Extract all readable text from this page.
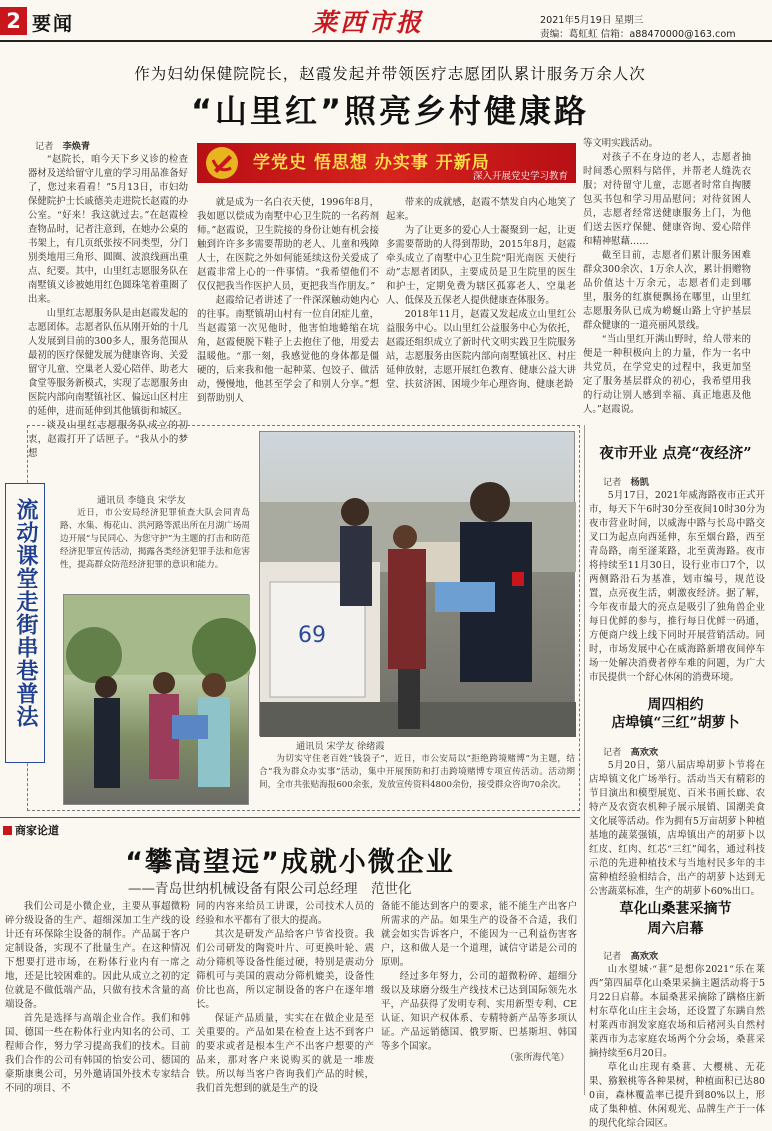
2 要闻	莱西市报	2021年5月19日 星期三
责编：葛虹虹 信箱：a88470000@163.com
作为妇幼保健院院长，赵霞发起并带领医疗志愿团队累计服务万余人次
“山里红”照亮乡村健康路
记者　 李焕青

“赵院长，咱今天下乡义诊的检查器材及送给留守儿童的学习用品准备好了，您过来看看！”5月13日，市妇幼保健院护士长戚德美走进院长赵霞的办公室。“好来！我这就过去。”在赵霞检查物品时，记者注意到，在她办公桌的书架上，有几页纸张按不同类型，分门别类地用三角形、圆圈、波浪线画出重点、纪要。其中，山里红志愿服务队在南墅镇义诊被她用红色圆珠笔着重圈了出来。

山里红志愿服务队是由赵霞发起的志愿团体。志愿者队伍从刚开始的十几人发展到目前的300多人，服务范围从最初的医疗保健发展为健康咨询、关爱留守儿童、空巢老人爱心陪伴、助老大食堂等服务新模式，实现了志愿服务由医院内部向南墅镇社区、偏远山区村庄的延伸，进而延伸到其他镇街和城区。

谈及山里红志愿服务队成立的初衷，赵霞打开了话匣子。“我从小的梦想

学党史 悟思想 办实事 开新局
深入开展党史学习教育

就是成为一名白衣天使，1996年8月，我如愿以偿成为南墅中心卫生院的一名药剂师。”赵霞说，卫生院接的身份让她有机会接触到许许多多需要帮助的老人、儿童和残障人士，在医院之外如何能延续这份关爱成了赵霞非常上心的一件事情。“我希望他们不仅仅把我当作医护人员，更把我当作朋友。”

赵霞给记者讲述了一件深深触动她内心的往事。南墅镇胡山村有一位自闭症儿童，当赵霞第一次见他时，他害怕地蜷缩在坑角，赵霞便脱下鞋子上去抱住了他，用爱去温暖他。“那一刻，我感觉他的身体都是僵硬的，后来我和他一起种菜、包饺子、做活动，慢慢地，他甚至学会了和别人分享。”想到帮助别人

带来的成就感，赵霞不禁发自内心地笑了起来。

为了让更多的爱心人士凝聚到一起，让更多需要帮助的人得到帮助，2015年8月，赵霞牵头成立了南墅中心卫生院“阳光南医 天使行动”志愿者团队，主要成员是卫生院里的医生和护士，定期免费为辖区孤寡老人、空巢老人、低保及五保老人提供健康查体服务。

2018年11月，赵霞又发起成立山里红公益服务中心。以山里红公益服务中心为依托，赵霞还组织成立了新时代文明实践卫生院服务站，志愿服务由医院内部向南墅镇社区、村庄延伸放射，志愿开展红色教育、健康公益大讲堂、扶贫济困、困境少年心理咨询、健康老龄

等文明实践活动。

对孩子不在身边的老人，志愿者抽时间悉心照料与陪伴，并帮老人缝洗衣服；对待留守儿童，志愿者时常自掏腰包买书包和学习用品慰问；对待贫困人员，志愿者经常送健康服务上门，为他们送去医疗保健、健康咨询、爱心陪伴和精神慰藉……

截至目前，志愿者们累计服务困难群众300余次、1万余人次，累计捐赠物品价值达十万余元，志愿者们走到哪里，服务的红旗便飘扬在哪里，山里红志愿服务队已成为崂蜒山路上守护基层群众健康的一道亮丽风景线。

“当山里红开满山野时，给人带来的便是一种积极向上的力量，作为一名中共党员，在学党史的过程中，我更加坚定了服务基层群众的初心，我希望用我的行动让别人感到幸福、真正地惠及他人。”赵霞说。

流动课堂走街串巷普法	69
通讯员 李缝良 宋学友

近日，市公安局经济犯罪侦查大队会同青岛路、水集、梅花山、洪河路等派出所在月湖广场周边开展“与民同心、为您守护”为主题的打击和防范经济犯罪宣传活动，揭露各类经济犯罪手法和危害性，提高群众防范经济犯罪的意识和能力。

通讯员 宋学友 徐绪霞

为切实守住老百姓“钱袋子”，近日，市公安局以“拒绝跨境赌博”为主题，结合“我为群众办实事”活动，集中开展预防和打击跨境赌博专项宣传活动。活动期间，全市共张贴海报600余张，发放宣传资料4800余份，接受群众咨询70余次。

夜市开业 点亮“夜经济”
记者　 杨凯

5月17日，2021年威海路夜市正式开市，每天下午6时30分至夜间10时30分为夜市营业时间，以威海中路与长岛中路交叉口为起点向西延伸，东至烟台路，西至青岛路，南至滏莱路，北至黄海路。夜市将持续至11月30日，设行业市口7个，以两侧路沿石为基准，划市编号，规范设置，点亮夜生活，刺激夜经济。据了解，今年夜市最大的亮点是吸引了独角兽企业每日优鲜的参与，推行每日优鲜一码通，方便商户线上线下同时开展营销活动。同时，市场发展中心在威海路新增夜间停车场一处解决消费者停车难的问题，为广大市民提供一个舒心休闲的消费环境。

周四相约
店埠镇“三红”胡萝卜
记者　 高欢欢

5月20日，第八届店埠胡萝卜节将在店埠镇文化广场举行。活动当天有精彩的节目演出和模型展览、百米书画长廊、农特产及农资农机种子展示展销、国潮美食文化展等活动。作为拥有5万亩胡萝卜种植基地的蔬菜强镇，店埠镇出产的胡萝卜以红皮、红肉、红芯“三红”闻名，通过科技示范的先进种植技术与当地村民多年的丰富种植经验相结合，出产的胡萝卜达到无公害蔬菜标准，生产的胡萝卜60%出口。

草化山桑葚采摘节
周六启幕
记者　 高欢欢

山水望城·“葚”是想你2021“乐在莱西”第四届草化山桑果采摘主题活动将于5月22日启幕。本届桑葚采摘除了蹒格庄新村东草化山庄主会场，还设置了东蹒自然村莱西市润发家庭农场和后褚河头自然村莱西市为志家庭农场两个分会场，桑葚采摘持续至6月20日。

草化山庄现有桑葚、大樱桃、无花果、猕猴桃等各种果树，种植面积已达800亩，森林覆盖率已提升到80%以上，形成了集种植、休闲观光、品牌生产于一体的现代化综合园区。

商家论道
“攀高望远”成就小微企业
——青岛世纳机械设备有限公司总经理　范世化

我们公司是小微企业，主要从事超微粉碎分级设备的生产、超细深加工生产线的设计还有环保除尘设备的制作。产品属于客户定制设备，实现不了批量生产。在这种情况下想要打进市场，在粉体行业内有一席之地，还是比较困难的。因此从成立之初的定位就是不做低端产品，只做有技术含量的高端设备。

首先是选择与高端企业合作。我们和韩国、德国一些在粉体行业内知名的公司、工程师合作，努力学习提高我们的技术。目前我们合作的公司有韩国的怡安公司、德国的豪斯康奥公司，另外邀请国外技术专家结合不同的项目、不

同的内容来给员工讲课，公司技术人员的经验和水平都有了很大的提高。

其次是研发产品给客户节省投资。我们公司研发的陶瓷叶片、可更换叶轮、震动分筛机等设备性能过硬，特别是震动分筛机可与美国的震动分筛机媲美，设备性价比也高，所以定制设备的客户在逐年增长。

保证产品质量，实实在在做企业是至关重要的。产品如果在检查上达不到客户的要求或者是根本生产不出客户想要的产品来，那对客户来说购买的就是一堆废铁。所以每当客户咨询我们产品的时候，我们首先想到的就是生产的设

备能不能达到客户的要求，能不能生产出客户所需求的产品。如果生产的设备不合适，我们就会如实告诉客户，不能因为一己利益伤害客户，这和做人是一个道理，诚信守诺是公司的原则。

经过多年努力，公司的超微粉碎、超细分级以及球磨分级生产线技术已达到国际领先水平，产品获得了发明专利、实用新型专利、CE认证、知识产权体系、专精特新产品等多项认证。产品远销德国、俄罗斯、巴基斯坦、韩国等多个国家。

（张所海代笔）
